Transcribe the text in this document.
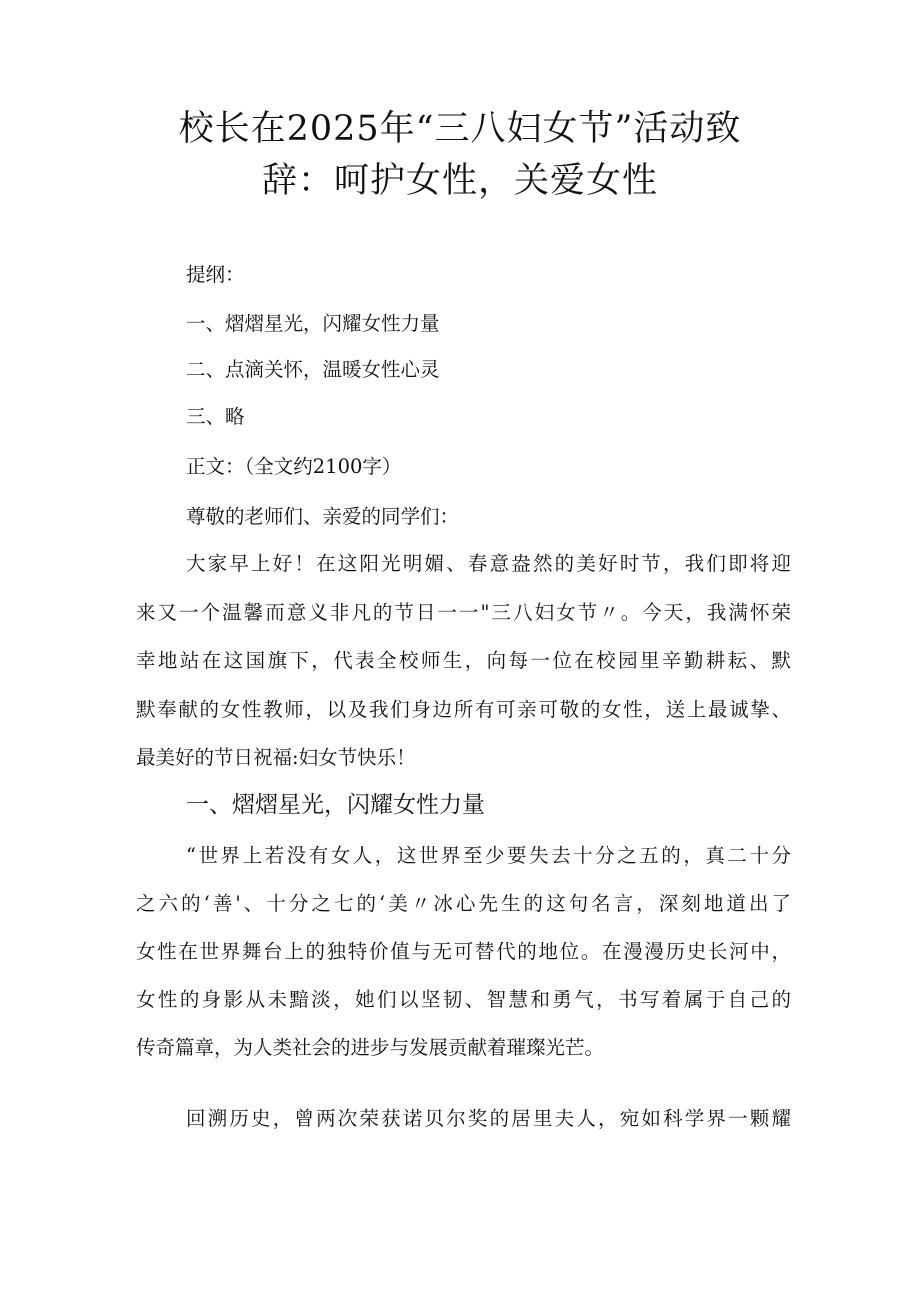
校长在2025年“三八妇女节”活动致
辞：呵护女性，关爱女性
提纲：
一、熠熠星光，闪耀女性力量
二、点滴关怀，温暖女性心灵
三、略
正文：（全文约2100字）
尊敬的老师们、亲爱的同学们：
大家早上好！在这阳光明媚、春意盎然的美好时节，我们即将迎
来又一个温馨而意义非凡的节日一一"三八妇女节〃。今天，我满怀荣
幸地站在这国旗下，代表全校师生，向每一位在校园里辛勤耕耘、默
默奉献的女性教师，以及我们身边所有可亲可敬的女性，送上最诚挚、
最美好的节日祝福:妇女节快乐！
一、熠熠星光，闪耀女性力量
“世界上若没有女人，这世界至少要失去十分之五的，真二十分
之六的‘善'、十分之七的‘美〃冰心先生的这句名言，深刻地道出了
女性在世界舞台上的独特价值与无可替代的地位。在漫漫历史长河中，
女性的身影从未黯淡，她们以坚韧、智慧和勇气，书写着属于自己的
传奇篇章，为人类社会的进步与发展贡献着璀璨光芒。
回溯历史，曾两次荣获诺贝尔奖的居里夫人，宛如科学界一颗耀
